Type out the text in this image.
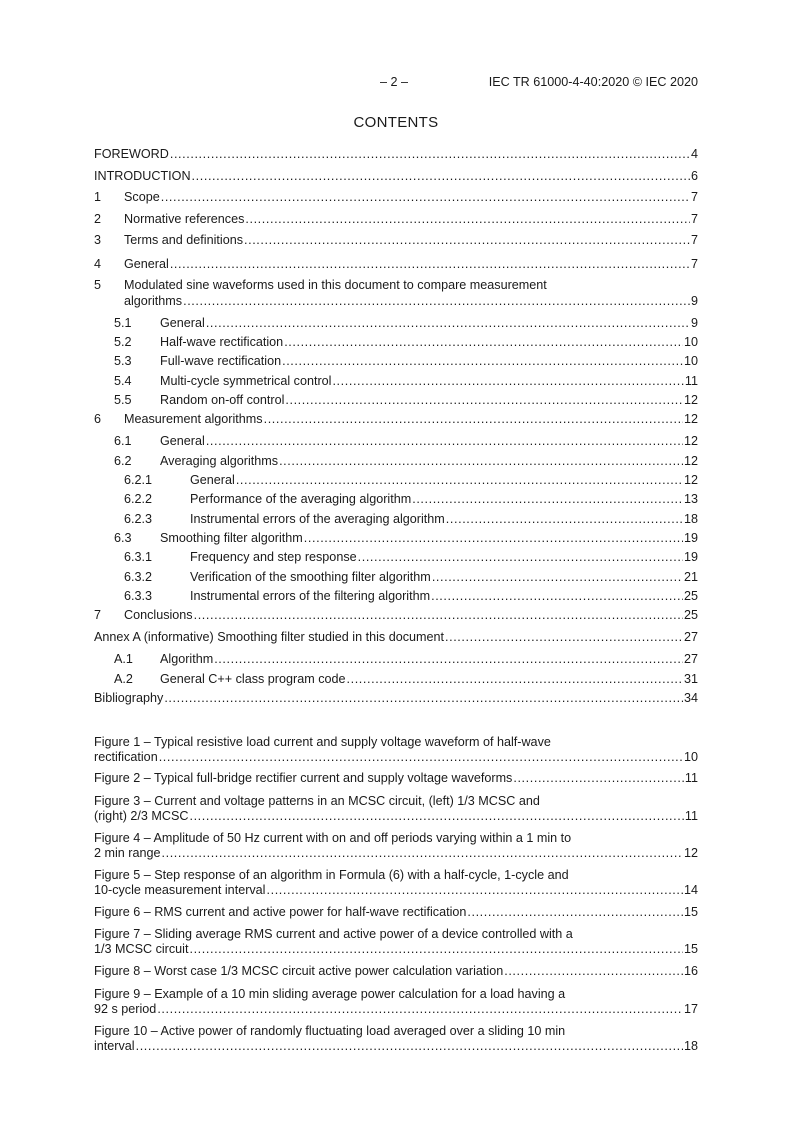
– 2 –	IEC TR 61000-4-40:2020 © IEC 2020
CONTENTS
FOREWORD .....	4
INTRODUCTION .....	6
1 Scope .....	7
2 Normative references .....	7
3 Terms and definitions .....	7
4 General .....	7
5 Modulated sine waveforms used in this document to compare measurement
algorithms .....	9
5.1 General .....	9
5.2 Half-wave rectification .....	10
5.3 Full-wave rectification .....	10
5.4 Multi-cycle symmetrical control .....	11
5.5 Random on-off control .....	12
6 Measurement algorithms .....	12
6.1 General .....	12
6.2 Averaging algorithms .....	12
6.2.1	General .....	12
6.2.2	Performance of the averaging algorithm .....	13
6.2.3	Instrumental errors of the averaging algorithm .....	18
6.3 Smoothing filter algorithm .....	19
6.3.1	Frequency and step response .....	19
6.3.2	Verification of the smoothing filter algorithm .....	21
6.3.3	Instrumental errors of the filtering algorithm .....	25
7 Conclusions .....	25
Annex A (informative) Smoothing filter studied in this document .....	27
A.1 Algorithm .....	27
A.2 General C++ class program code .....	31
Bibliography .....	34
Figure 1 – Typical resistive load current and supply voltage waveform of half-wave
rectification .....	10
Figure 2 – Typical full-bridge rectifier current and supply voltage waveforms .....	11
Figure 3 – Current and voltage patterns in an MCSC circuit, (left) 1/3 MCSC and
(right) 2/3 MCSC .....	11
Figure 4 – Amplitude of 50 Hz current with on and off periods varying within a 1 min to
2 min range .....	12
Figure 5 – Step response of an algorithm in Formula (6) with a half-cycle, 1-cycle and
10-cycle measurement interval .....	14
Figure 6 – RMS current and active power for half-wave rectification .....	15
Figure 7 – Sliding average RMS current and active power of a device controlled with a
1/3 MCSC circuit .....	15
Figure 8 – Worst case 1/3 MCSC circuit active power calculation variation .....	16
Figure 9 – Example of a 10 min sliding average power calculation for a load having a
92 s period .....	17
Figure 10 – Active power of randomly fluctuating load averaged over a sliding 10 min
interval .....	18
